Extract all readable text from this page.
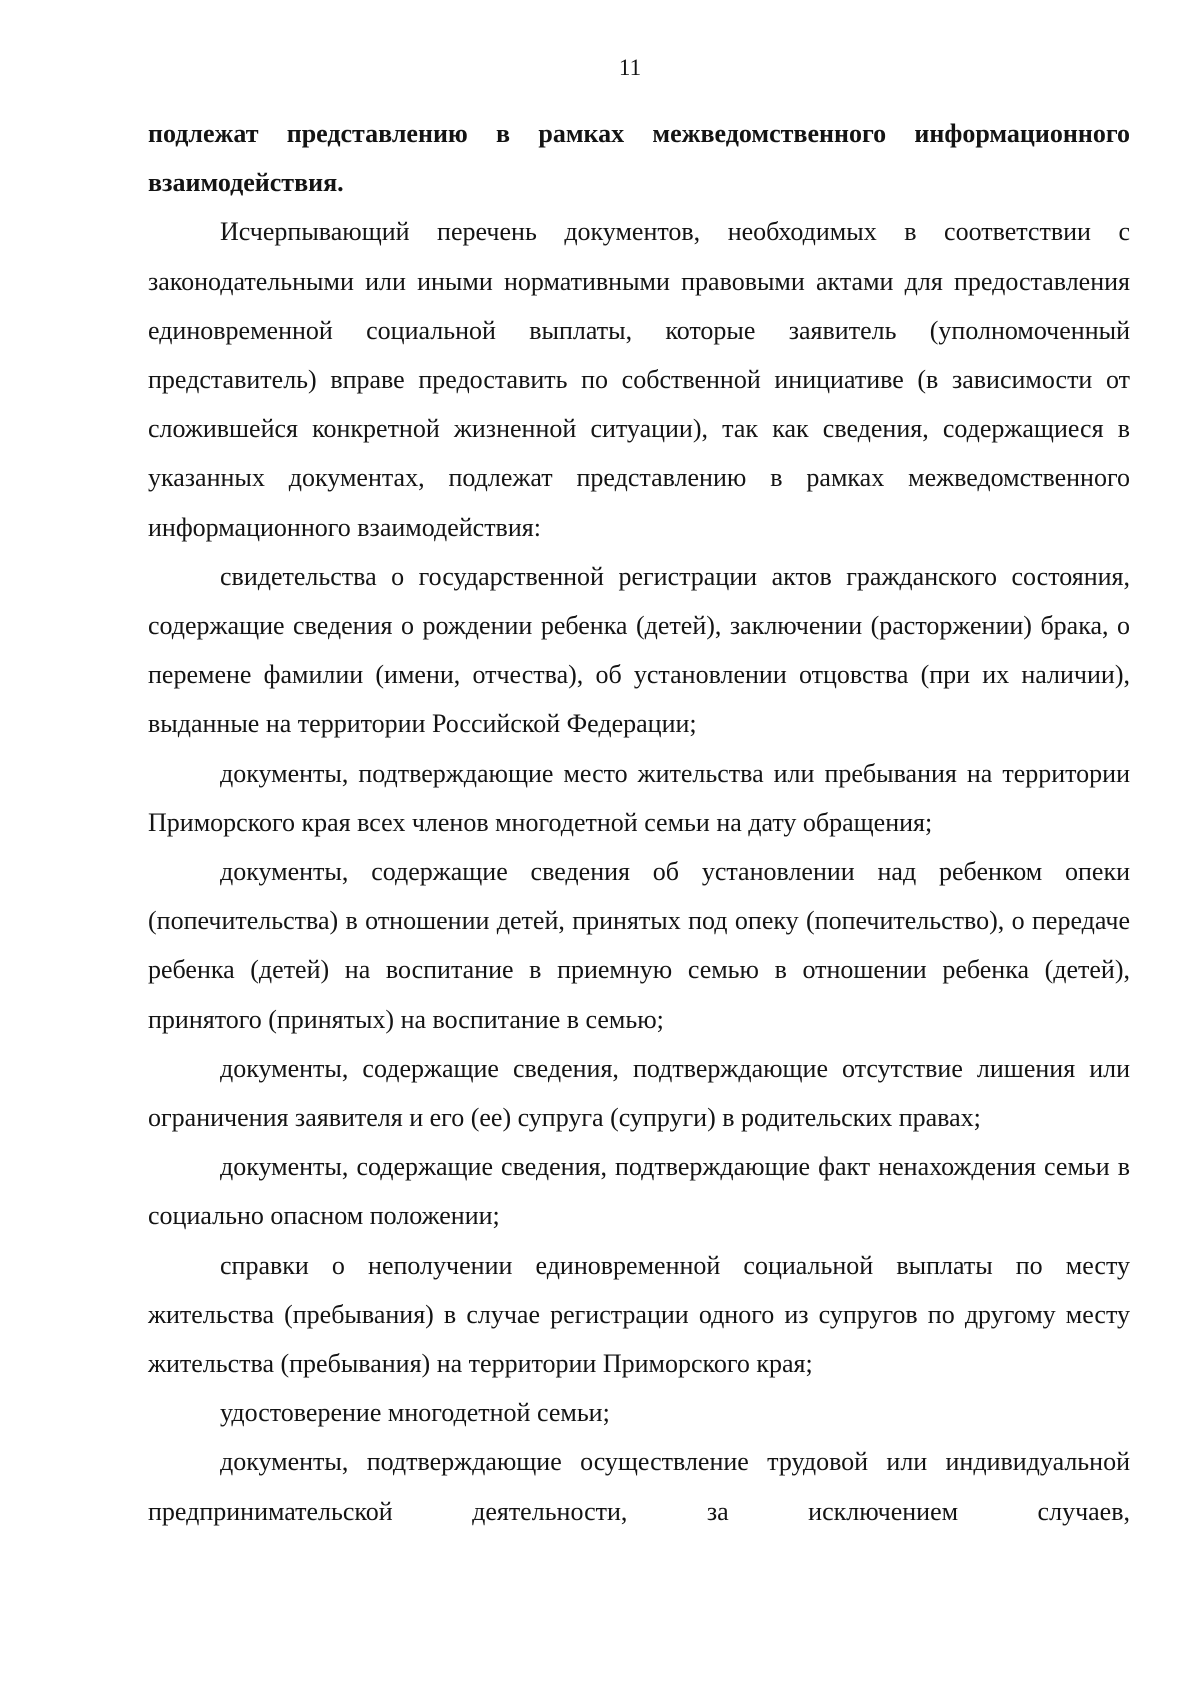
11

подлежат представлению в рамках межведомственного информационного взаимодействия.

Исчерпывающий перечень документов, необходимых в соответствии с законодательными или иными нормативными правовыми актами для предоставления единовременной социальной выплаты, которые заявитель (уполномоченный представитель) вправе предоставить по собственной инициативе (в зависимости от сложившейся конкретной жизненной ситуации), так как сведения, содержащиеся в указанных документах, подлежат представлению в рамках межведомственного информационного взаимодействия:

свидетельства о государственной регистрации актов гражданского состояния, содержащие сведения о рождении ребенка (детей), заключении (расторжении) брака, о перемене фамилии (имени, отчества), об установлении отцовства (при их наличии), выданные на территории Российской Федерации;

документы, подтверждающие место жительства или пребывания на территории Приморского края всех членов многодетной семьи на дату обращения;

документы, содержащие сведения об установлении над ребенком опеки (попечительства) в отношении детей, принятых под опеку (попечительство), о передаче ребенка (детей) на воспитание в приемную семью в отношении ребенка (детей), принятого (принятых) на воспитание в семью;

документы, содержащие сведения, подтверждающие отсутствие лишения или ограничения заявителя и его (ее) супруга (супруги) в родительских правах;

документы, содержащие сведения, подтверждающие факт ненахождения семьи в социально опасном положении;

справки о неполучении единовременной социальной выплаты по месту жительства (пребывания) в случае регистрации одного из супругов по другому месту жительства (пребывания) на территории Приморского края;

удостоверение многодетной семьи;

документы, подтверждающие осуществление трудовой или индивидуальной предпринимательской деятельности, за исключением случаев,
